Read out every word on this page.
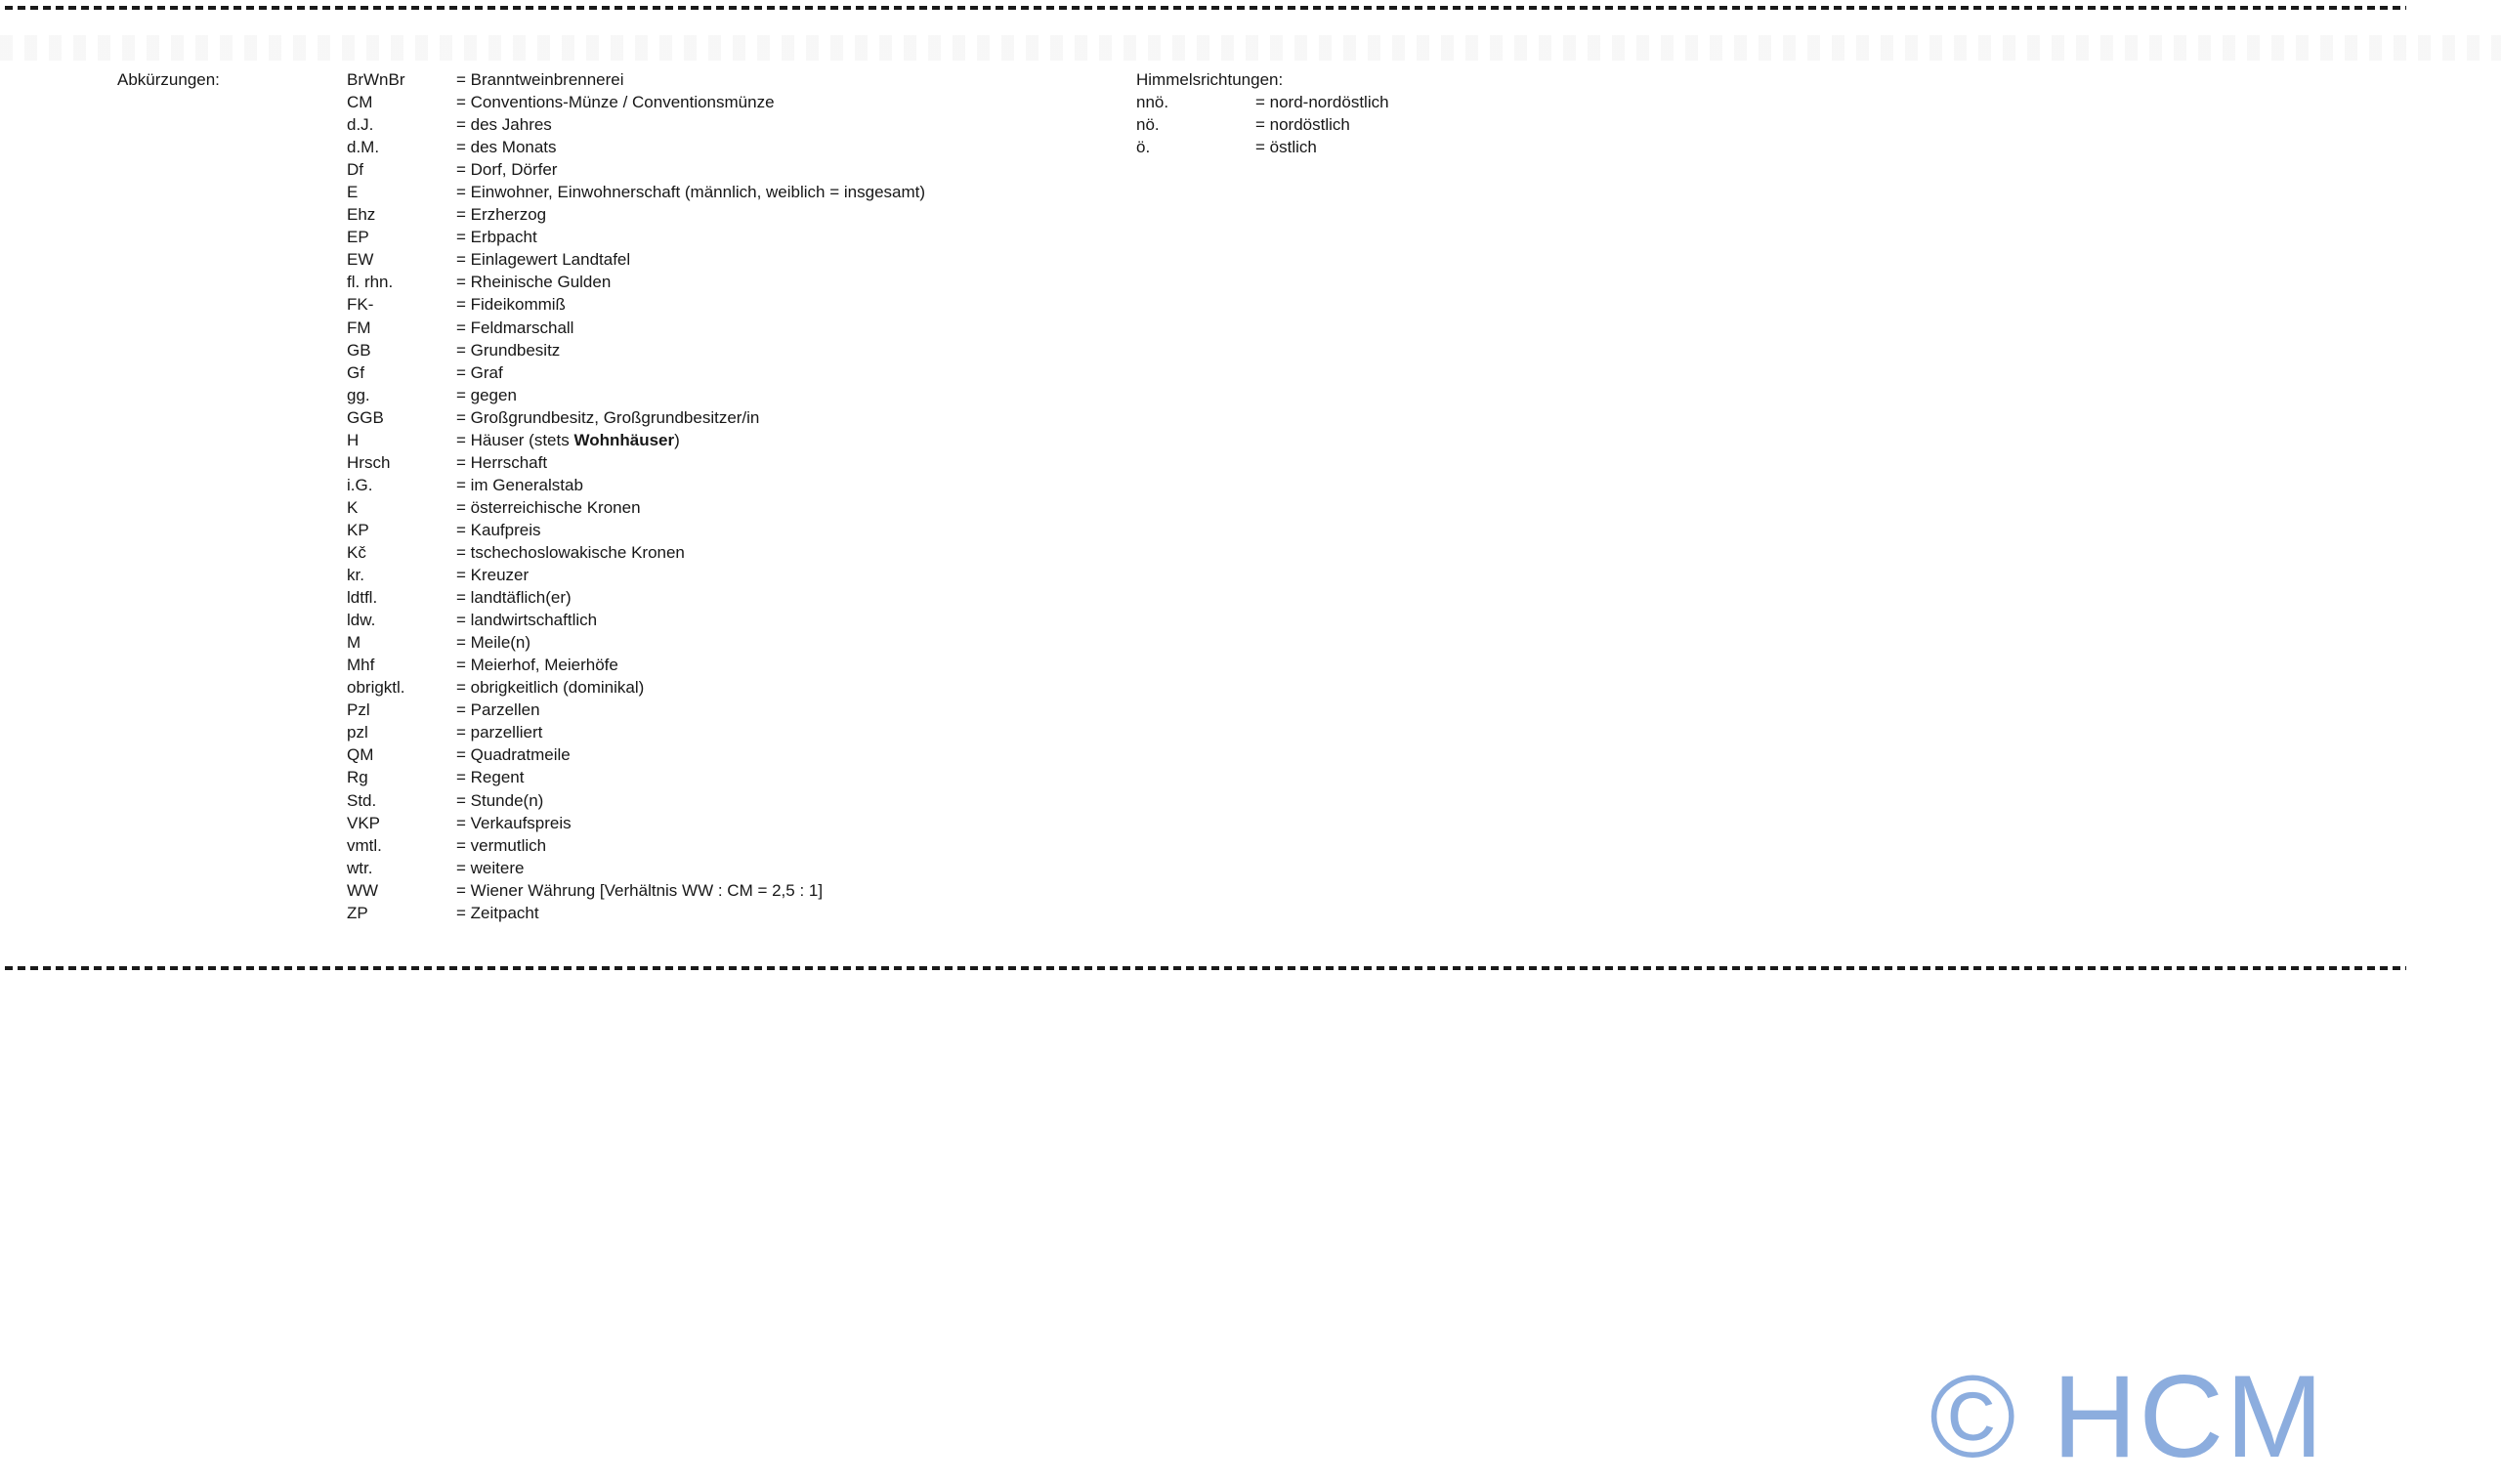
Abkürzungen:	BrWnBr	= Branntweinbrennerei
CM	= Conventions-Münze / Conventionsmünze
d.J.	= des Jahres
d.M.	= des Monats
Df	= Dorf, Dörfer
E	= Einwohner, Einwohnerschaft (männlich, weiblich = insgesamt)
Ehz	= Erzherzog
EP	= Erbpacht
EW	= Einlagewert Landtafel
fl. rhn.	= Rheinische Gulden
FK-	= Fideikommiß
FM	= Feldmarschall
GB	= Grundbesitz
Gf	= Graf
gg.	= gegen
GGB	= Großgrundbesitz, Großgrundbesitzer/in
H	= Häuser (stets Wohnhäuser)
Hrsch	= Herrschaft
i.G.	= im Generalstab
K	= österreichische Kronen
KP	= Kaufpreis
Kč	= tschechoslowakische Kronen
kr.	= Kreuzer
ldtfl.	= landtäflich(er)
ldw.	= landwirtschaftlich
M	= Meile(n)
Mhf	= Meierhof, Meierhöfe
obrigktl.	= obrigkeitlich (dominikal)
Pzl	= Parzellen
pzl	= parzelliert
QM	= Quadratmeile
Rg	= Regent
Std.	= Stunde(n)
VKP	= Verkaufspreis
vmtl.	= vermutlich
wtr.	= weitere
WW	= Wiener Währung [Verhältnis WW : CM = 2,5 : 1]
ZP	= Zeitpacht
Himmelsrichtungen:
nnö.	= nord-nordöstlich
nö.	= nordöstlich
ö.	= östlich
© HCM
